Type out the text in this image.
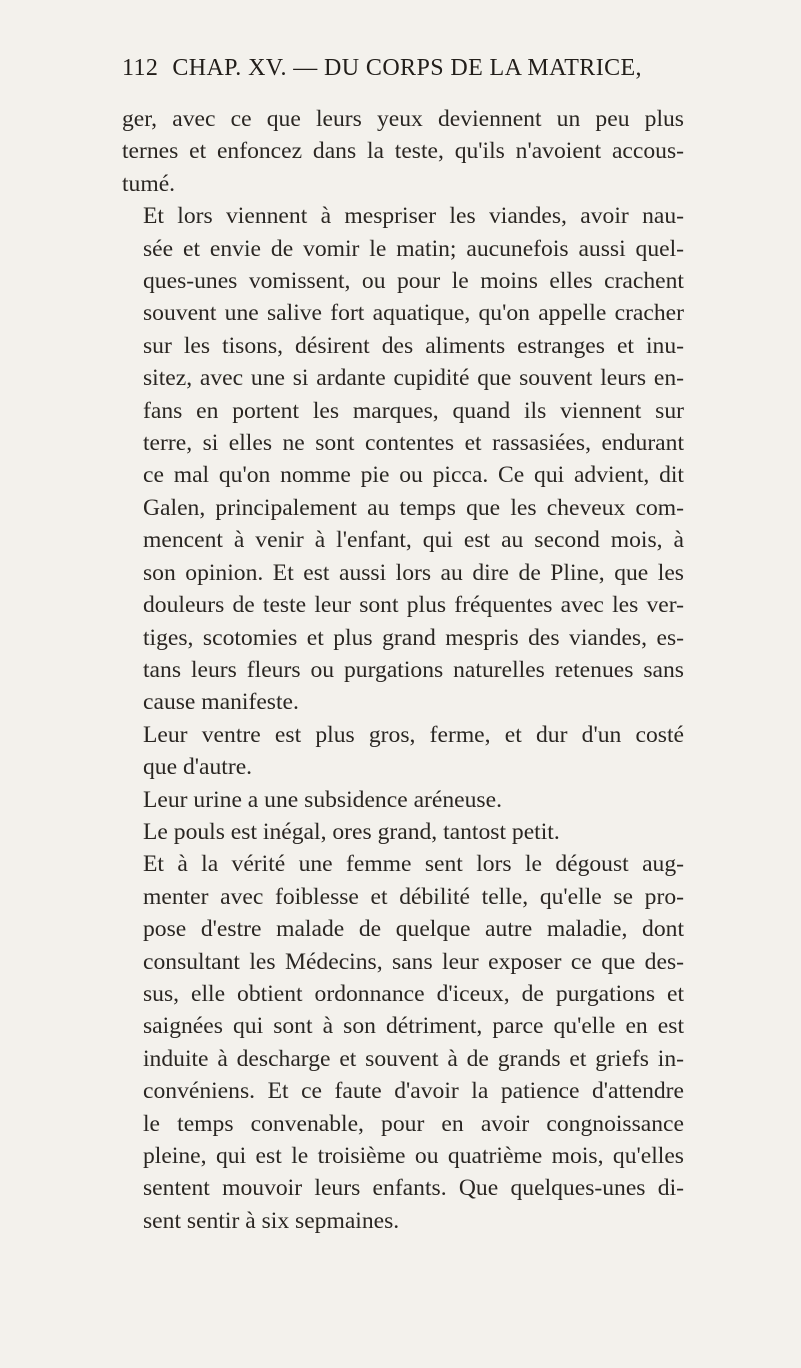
112 CHAP. XV. — DU CORPS DE LA MATRICE,

ger, avec ce que leurs yeux deviennent un peu plus
ternes et enfoncez dans la teste, qu'ils n'avoient accous-
tumé.

Et lors viennent à mespriser les viandes, avoir nau-
sée et envie de vomir le matin; aucunefois aussi quel-
ques-unes vomissent, ou pour le moins elles crachent
souvent une salive fort aquatique, qu'on appelle cracher
sur les tisons, désirent des aliments estranges et inu-
sitez, avec une si ardante cupidité que souvent leurs en-
fans en portent les marques, quand ils viennent sur
terre, si elles ne sont contentes et rassasiées, endurant
ce mal qu'on nomme pie ou picca. Ce qui advient, dit
Galen, principalement au temps que les cheveux com-
mencent à venir à l'enfant, qui est au second mois, à
son opinion. Et est aussi lors au dire de Pline, que les
douleurs de teste leur sont plus fréquentes avec les ver-
tiges, scotomies et plus grand mespris des viandes, es-
tans leurs fleurs ou purgations naturelles retenues sans
cause manifeste.

Leur ventre est plus gros, ferme, et dur d'un costé
que d'autre.

Leur urine a une subsidence aréneuse.

Le pouls est inégal, ores grand, tantost petit.

Et à la vérité une femme sent lors le dégoust aug-
menter avec foiblesse et débilité telle, qu'elle se pro-
pose d'estre malade de quelque autre maladie, dont
consultant les Médecins, sans leur exposer ce que des-
sus, elle obtient ordonnance d'iceux, de purgations et
saignées qui sont à son détriment, parce qu'elle en est
induite à descharge et souvent à de grands et griefs in-
convéniens. Et ce faute d'avoir la patience d'attendre
le temps convenable, pour en avoir congnoissance
pleine, qui est le troisième ou quatrième mois, qu'elles
sentent mouvoir leurs enfants. Que quelques-unes di-
sent sentir à six sepmaines.
